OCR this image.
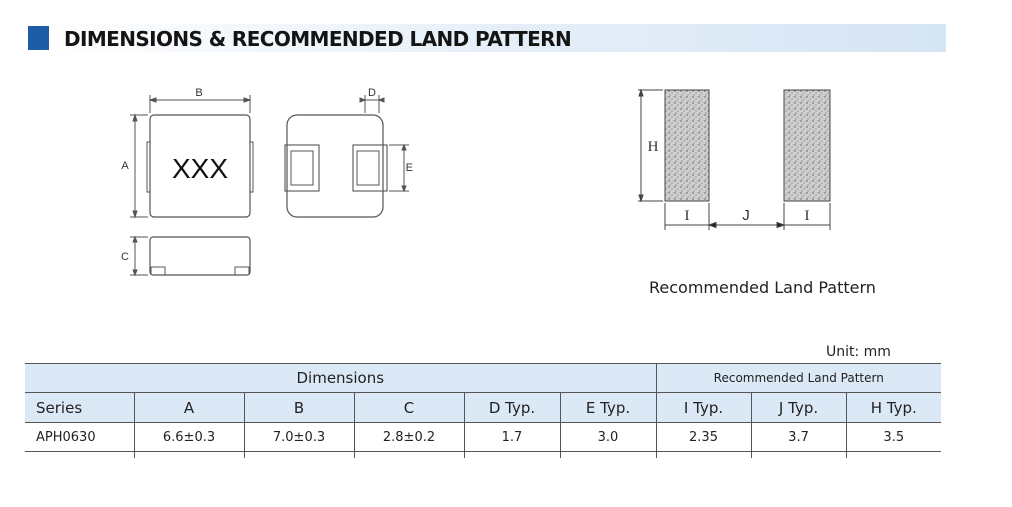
DIMENSIONS & RECOMMENDED LAND PATTERN
B
A
C
D
E
XXX
H
I	I
J
Recommended Land Pattern
Unit: mm
Dimensions						Recommended Land Pattern		
Series	A	B	C	D Typ.	E Typ.	I Typ.	J Typ.	H Typ.
APH0630	6.6±0.3	7.0±0.3	2.8±0.2	1.7	3.0	2.35	3.7	3.5
